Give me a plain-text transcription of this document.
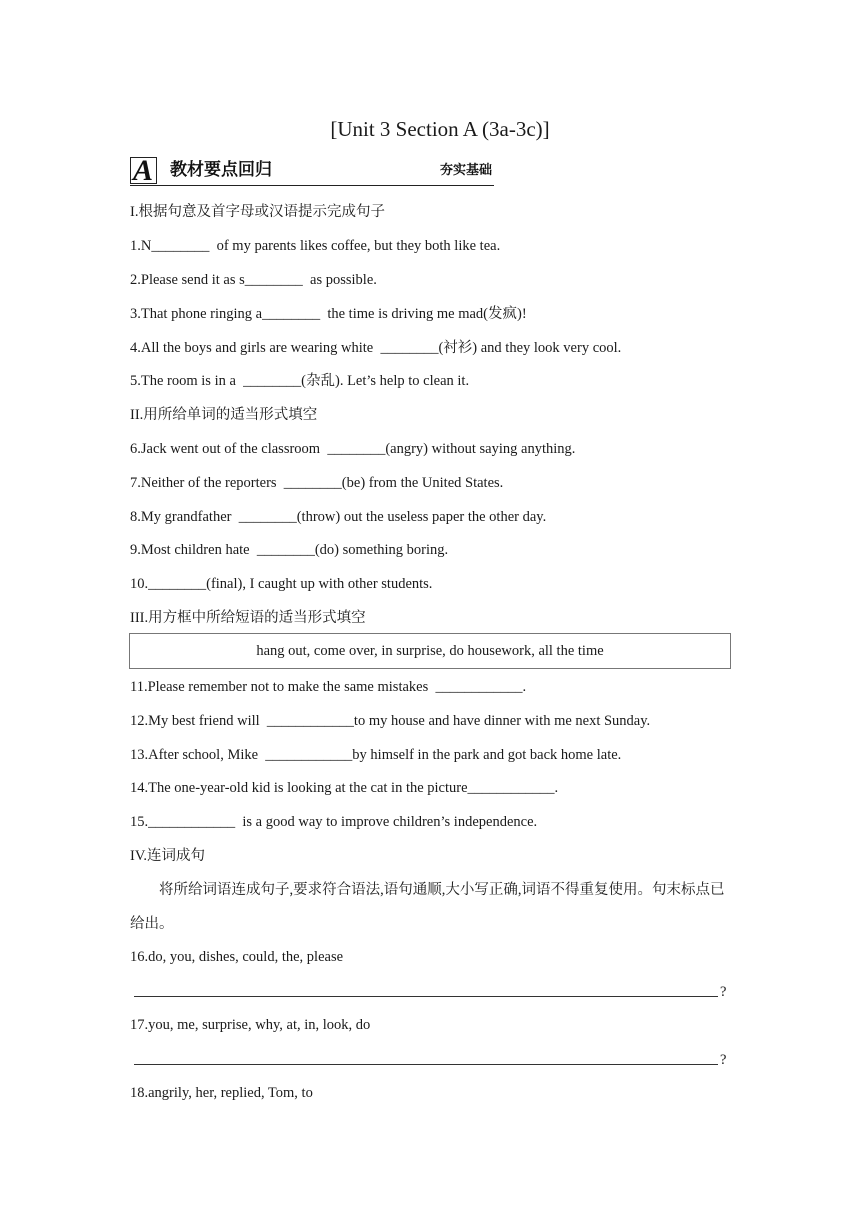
[Unit 3 Section A (3a-3c)]
A 教材要点回归	夯实基础
I.根据句意及首字母或汉语提示完成句子
1.N________  of my parents likes coffee, but they both like tea.
2.Please send it as s________  as possible.
3.That phone ringing a________  the time is driving me mad(发疯)!
4.All the boys and girls are wearing white  ________(衬衫) and they look very cool.
5.The room is in a  ________(杂乱). Let’s help to clean it.
II.用所给单词的适当形式填空
6.Jack went out of the classroom  ________(angry) without saying anything.
7.Neither of the reporters  ________(be) from the United States.
8.My grandfather  ________(throw) out the useless paper the other day.
9.Most children hate  ________(do) something boring.
10.________(final), I caught up with other students.
III.用方框中所给短语的适当形式填空
hang out, come over, in surprise, do housework, all the time
11.Please remember not to make the same mistakes  ____________.
12.My best friend will  ____________to my house and have dinner with me next Sunday.
13.After school, Mike  ____________by himself in the park and got back home late.
14.The one-year-old kid is looking at the cat in the picture____________.
15.____________  is a good way to improve children’s independence.
IV.连词成句
将所给词语连成句子,要求符合语法,语句通顺,大小写正确,词语不得重复使用。句末标点已给出。
16.do, you, dishes, could, the, please
?
17.you, me, surprise, why, at, in, look, do
?
18.angrily, her, replied, Tom, to
